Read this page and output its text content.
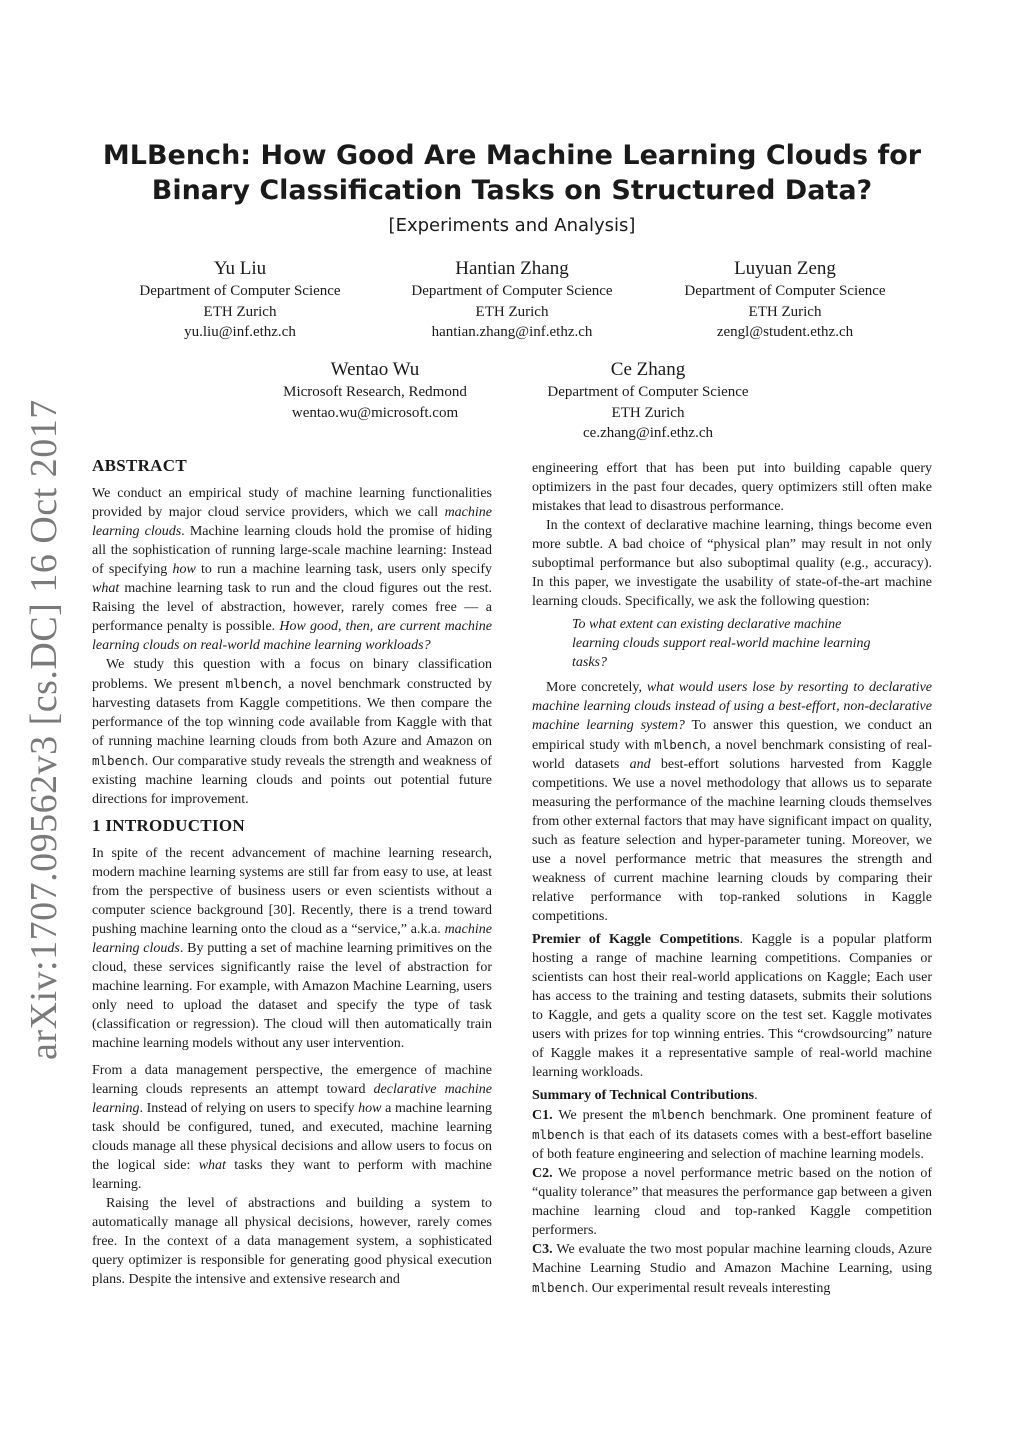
arXiv:1707.09562v3 [cs.DC] 16 Oct 2017
MLBench: How Good Are Machine Learning Clouds for
Binary Classification Tasks on Structured Data?
[Experiments and Analysis]
Yu Liu
Department of Computer Science
ETH Zurich
yu.liu@inf.ethz.ch
Hantian Zhang
Department of Computer Science
ETH Zurich
hantian.zhang@inf.ethz.ch
Luyuan Zeng
Department of Computer Science
ETH Zurich
zengl@student.ethz.ch
Wentao Wu
Microsoft Research, Redmond
wentao.wu@microsoft.com
Ce Zhang
Department of Computer Science
ETH Zurich
ce.zhang@inf.ethz.ch
ABSTRACT

We conduct an empirical study of machine learning functionalities provided by major cloud service providers, which we call machine learning clouds. Machine learning clouds hold the promise of hiding all the sophistication of running large-scale machine learning: Instead of specifying how to run a machine learning task, users only specify what machine learning task to run and the cloud figures out the rest. Raising the level of abstraction, however, rarely comes free — a performance penalty is possible. How good, then, are current machine learning clouds on real-world machine learning workloads?

We study this question with a focus on binary classification problems. We present mlbench, a novel benchmark constructed by harvesting datasets from Kaggle competitions. We then compare the performance of the top winning code available from Kaggle with that of running machine learning clouds from both Azure and Amazon on mlbench. Our comparative study reveals the strength and weakness of existing machine learning clouds and points out potential future directions for improvement.

1 INTRODUCTION

In spite of the recent advancement of machine learning research, modern machine learning systems are still far from easy to use, at least from the perspective of business users or even scientists without a computer science background [30]. Recently, there is a trend toward pushing machine learning onto the cloud as a “service,” a.k.a. machine learning clouds. By putting a set of machine learning primitives on the cloud, these services significantly raise the level of abstraction for machine learning. For example, with Amazon Machine Learning, users only need to upload the dataset and specify the type of task (classification or regression). The cloud will then automatically train machine learning models without any user intervention.

From a data management perspective, the emergence of machine learning clouds represents an attempt toward declarative machine learning. Instead of relying on users to specify how a machine learning task should be configured, tuned, and executed, machine learning clouds manage all these physical decisions and allow users to focus on the logical side: what tasks they want to perform with machine learning.

Raising the level of abstractions and building a system to automatically manage all physical decisions, however, rarely comes free. In the context of a data management system, a sophisticated query optimizer is responsible for generating good physical execution plans. Despite the intensive and extensive research and

engineering effort that has been put into building capable query optimizers in the past four decades, query optimizers still often make mistakes that lead to disastrous performance.

In the context of declarative machine learning, things become even more subtle. A bad choice of “physical plan” may result in not only suboptimal performance but also suboptimal quality (e.g., accuracy). In this paper, we investigate the usability of state-of-the-art machine learning clouds. Specifically, we ask the following question:

To what extent can existing declarative machine learning clouds support real-world machine learning tasks?

More concretely, what would users lose by resorting to declarative machine learning clouds instead of using a best-effort, non-declarative machine learning system? To answer this question, we conduct an empirical study with mlbench, a novel benchmark consisting of real-world datasets and best-effort solutions harvested from Kaggle competitions. We use a novel methodology that allows us to separate measuring the performance of the machine learning clouds themselves from other external factors that may have significant impact on quality, such as feature selection and hyper-parameter tuning. Moreover, we use a novel performance metric that measures the strength and weakness of current machine learning clouds by comparing their relative performance with top-ranked solutions in Kaggle competitions.

Premier of Kaggle Competitions. Kaggle is a popular platform hosting a range of machine learning competitions. Companies or scientists can host their real-world applications on Kaggle; Each user has access to the training and testing datasets, submits their solutions to Kaggle, and gets a quality score on the test set. Kaggle motivates users with prizes for top winning entries. This “crowdsourcing” nature of Kaggle makes it a representative sample of real-world machine learning workloads.

Summary of Technical Contributions.

C1. We present the mlbench benchmark. One prominent feature of mlbench is that each of its datasets comes with a best-effort baseline of both feature engineering and selection of machine learning models.

C2. We propose a novel performance metric based on the notion of “quality tolerance” that measures the performance gap between a given machine learning cloud and top-ranked Kaggle competition performers.

C3. We evaluate the two most popular machine learning clouds, Azure Machine Learning Studio and Amazon Machine Learning, using mlbench. Our experimental result reveals interesting
